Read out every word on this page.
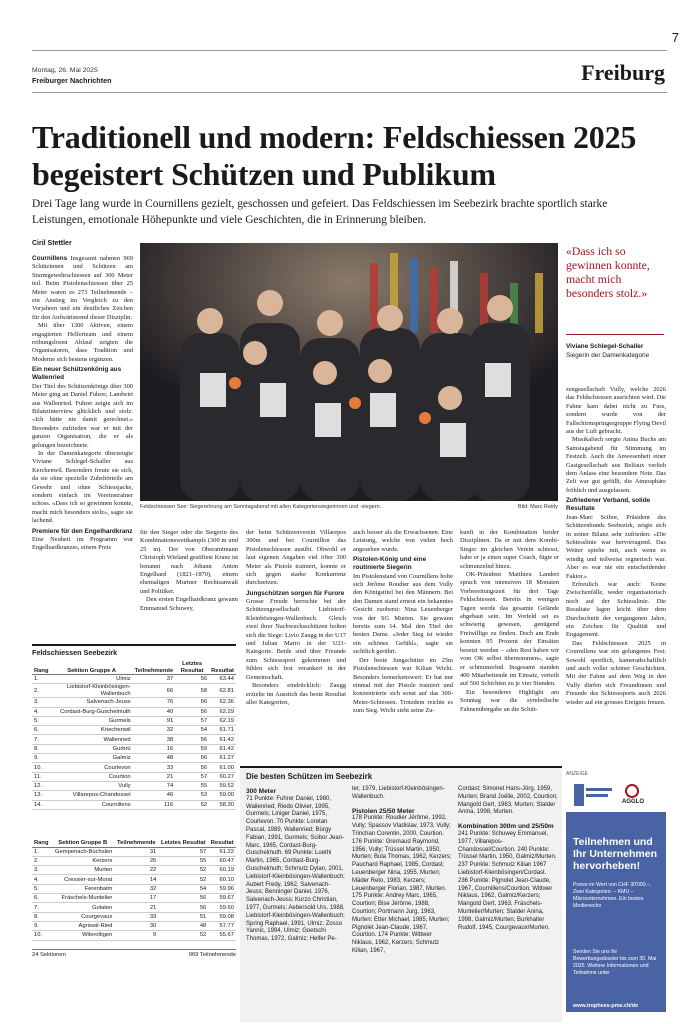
7
Montag, 26. Mai 2025
Freiburger Nachrichten	Freiburg
Traditionell und modern: Feldschiessen 2025 begeistert Schützen und Publikum
Drei Tage lang wurde in Cournillens gezielt, geschossen und gefeiert. Das Feldschiessen im Seebezirk brachte sportlich starke Leistungen, emotionale Höhepunkte und viele Geschichten, die in Erinnerung bleiben.
Ciril Stettler
Feldschiessen See: Siegerehrung am Sonntagabend mit allen Kategoriensiegerinnen und -siegern.	Bild: Marc Reidy
«Dass ich so gewinnen konnte, macht mich besonders stolz.»
Viviane Schlegel-Schaller
Siegerin der Damenkategorie

Cournillens Insgesamt nahmen 969 Schützinnen und Schützen am Sturmgewehrschiessen auf 300 Meter teil. Beim Pistolenschiessen über 25 Meter waren es 273 Teilnehmende – ein Anstieg im Vergleich zu den Vorjahren und ein deutliches Zeichen für den Aufwärtstrend dieser Disziplin.

Mit über 1300 Aktiven, einem engagierten Helferteam und einem reibungslosen Ablauf zeigten die Organisatoren, dass Tradition und Moderne sich bestens ergänzen.

Ein neuer Schützenkönig aus Wallenried

Der Titel des Schützenkönigs über 300 Meter ging an Daniel Fuhrer, Landwirt aus Wallenried. Fuhrer zeigte sich im Bilanzinterview glücklich und stolz: «Ich hätte nie damit gerechnet.» Besonders zufrieden war er mit der ganzen Organisation, die er als gelungen bezeichnete.

In der Damenkategorie überzeugte Viviane Schlegel-Schaller aus Kerchenwil. Besonders freute sie sich, da sie ohne spezielle Zubehörteile am Gewehr und ohne Schiessjacke, sondern einfach im Vereinstrainer schoss. «Dass ich so gewinnen konnte, macht mich besonders stolz», sagte sie lachend.

Premiere für den Engelhardkranz

Eine Neuheit im Programm war Engelhardkranzes, einem Preis

für den Sieger oder die Siegerin des Kombinationswettkampfs (300 m und 25 m). Der von Oberamtmann Christoph Wieland gestiftete Kranz ist benannt nach Johann Anton Engelhard (1821–1870), einem ehemaligen Murtner Rechtsanwalt und Politiker.

Den ersten Engelhardkranz gewann Emmanuel Schuwey,

der beim Schützenverein Villarepos 300m und bei Cournillon das Pistolenschiessen ausübt. Obwohl er laut eigenen Angaben viel öfter 300 Meter als Pistole trainiert, konnte er sich gegen starke Konkurrenz durchsetzen.

Jungschützen sorgen für Furore

Grosse Freude herrschte bei der Schützengesellschaft Liebistorf-Kleinbösingen-Wallenbuch. Gleich zwei ihrer Nachwuchsschützen holten sich die Siege: Livio Zaugg in der U17 und Julian Marro in der U21-Kategorie. Beide sind über Freunde zum Schiesssport gekommen und fühlen sich fest verankert in der Gemeinschaft.

Besonders eindrücklich: Zaugg erzielte im Ausstich das beste Resultat aller Kategorien,

auch besser als die Erwachsenen. Eine Leistung, welche von vielen hoch angesehen wurde.

Pistolen-König und eine routinierte Siegerin

Im Pistolenstand von Cournillens holte sich Jérôme Roudier aus dem Vully den Königstitel bei den Männern. Bei den Damen stand erneut ein bekanntes Gesicht zuoberst: Nina Leuenberger von der SG Murten. Sie gewann bereits zum 14. Mal den Titel der besten Dame. «Jeder Sieg ist wieder ein schönes Gefühl», sagte sie sichtlich gerührt.

Der beste Jungschütze im 25m Pistolenschiessen war Kilian Wicht. Besonders bemerkenswert: Er hat nur einmal mit der Pistole trainiert und konzentrierte sich sonst auf das 300-Meter-Schiessen. Trotzdem reichte es zum Sieg. Wicht sieht seine Zu-

kunft in der Kombination beider Disziplinen. Da er mit dem Kombi-Sieger im gleichen Verein schiesst, habe er ja einen super Coach, fügte er schmunzelnd hinzu.

OK-Präsident Matthieu Landert sprach von intensiven 18 Monaten Vorbereitungszeit für drei Tage Feldschiessen. Bereits in wenigen Tagen werde das gesamte Gelände abgebaut sein. Im Vorfeld sei es schwierig gewesen, genügend Freiwillige zu finden. Doch am Ende konnten 95 Prozent der Einsätze besetzt werden – «den Rest haben wir vom OK selbst übernommen», sagte er schmunzelnd. Insgesamt standen 400 Mitarbeitende im Einsatz, verteilt auf 560 Schichten zu je vier Stunden.

Ein besonderes Highlight am Sonntag war die symbolische Fahnenübergabe an die Schüt-

zengesellschaft Vully, welche 2026 das Feldschiessen ausrichten wird. Die Fahne kam dabei nicht zu Fuss, sondern wurde von der Fallschirmspringergruppe Flying Devil aus der Luft gebracht.

Musikalisch sorgte Anina Buchs am Samstagabend für Stimmung im Festzelt. Auch die Anwesenheit einer Gastgesellschaft aus Belfaux verlieh dem Anlass eine besondere Note. Das Zelt war gut gefüllt, die Atmosphäre fröhlich und ausgelassen.

Zufriedener Verband, solide Resultate

Jean-Marc Scibor, Präsident des Schützenbunds Seebezirk, zeigte sich in seiner Bilanz sehr zufrieden: «Die Schiesslinie war hervorragend. Das Wetter spielte mit, auch wenn es windig und teilweise regnerisch war. Aber es war nie ein entscheidender Faktor.»

Erfreulich war auch: Keine Zwischenfälle, weder organisatorisch noch auf der Schiesslinie. Die Resultate lagen leicht über dem Durchschnitt der vergangenen Jahre, ein Zeichen für Qualität und Engagement.

Das Feldschiessen 2025 in Cournillens war ein gelungenes Fest: Sowohl sportlich, kameradschaftlich und auch voller schöner Geschichten. Mit der Fahne auf dem Weg in den Vully dürfen sich Freundinnen und Freunde des Schiesssports auch 2026 wieder auf ein grosses Ereignis freuen.

Feldschiessen Seebezirk
Rang	Sektion Gruppe A	Teilnehmende	Letztes Resultat	Resultat
1.	Ulmiz	37	56	63.44
2.	Liebistorf-Kleinbösingen-Wallenbuch	66	58	62.81
3.	Salvenach-Jeuss	76	56	62.36
4.	Cordast-Burg-Guschelmuth	40	56	62.29
5.	Gurmels	91	57	62.19
6.	Kriechenwil	32	54	61.71
7.	Wallenried	38	56	61.42
8.	Gurbrü	16	59	61.42
9.	Galmiz	48	56	61.27
10.	Courlevon	33	56	61.00
11.	Courtion	21	57	60.27
12.	Vully	74	55	59.52
13.	Villarepos-Chandossel	46	53	59.00
14.	Cournillens	116	52	58.30
Rang	Sektion Gruppe B	Teilnehmende	Letztes Resultat	Resultat
1.	Gempenach-Büchslen	31	57	61.22
2.	Kerzers	26	55	60.47
3.	Murten	22	52	60.19
4.	Cressier-sur-Morat	14	52	60.10
5.	Ferenbalm	32	54	59.96
6.	Fräschels-Muntelier	17	56	59.67
7.	Golaten	21	56	59.60
8.	Courgevaux	33	51	59.08
9.	Agriswil-Ried	30	48	57.77
10.	Wileroltigen	9	52	55.67
24 Sektionen	969 Teilnehmende
Die besten Schützen im Seebezirk
300 Meter
71 Punkte: Fuhrer Daniel, 1980, Wallenried; Riedo Olivier, 1995, Gurmels; Liniger Daniel, 1975, Courlevon. 70 Punkte: Loretan Pascal, 1989, Wallenried; Bürgy Fabian, 1991, Gurmels; Scibor Jean-Marc, 1965, Cordast-Burg-Guschelmuth. 69 Punkte: Luethi Martin, 1965, Cordast-Burg-Guschelmuth; Schmutz Dylan, 2001, Liebistorf-Kleinbösingen-Wallenbuch; Aubert Fredy, 1962, Salvenach-Jeuss; Benninger Daniel, 1976, Salvenach-Jeuss; Kurzo Christian, 1977, Gurmels; Aebersold Urs, 1988, Liebistorf-Kleinbösingen-Wallenbuch; Spring Raphael, 1991, Ulmiz; Zosso Yannic, 1994, Ulmiz; Goetschi Thomas, 1972, Galmiz; Helfer Pe-
ter, 1979, Liebistorf-Kleinbösingen-Wallenbuch.
Pistolen 25/50 Meter
178 Punkte: Roudier Jérôme, 1992, Vully; Spassov Vladislav, 1973, Vully; Trinchan Corentin, 2000, Courtion. 176 Punkte: Gremaud Raymond, 1956, Vully; Trüssel Martin, 1950, Murten; Bula Thomas, 1962, Kerzers; Pauchard Raphael, 1985, Cordast; Leuenberger Nina, 1955, Murten; Mäder Reto, 1983, Kerzers; Leuenberger Florian, 1987, Murten. 175 Punkte: Andrey Marc, 1965, Courtion; Bise Jérôme, 1988, Courtion; Portmann Jurg, 1963, Murten; Etter Michael, 1985, Murten; Pignolet Jean-Claude, 1967, Courtion. 174 Punkte: Wittwer Niklaus, 1962, Kerzers; Schmutz Kilian, 1967,
Cordast; Simonet Hans-Jörg, 1959, Murten; Brand Joëlle, 2002, Courtion; Mangold Gert, 1963, Murten; Stalder Anina, 1998, Murten.
Kombination 300m und 25/50m
241 Punkte: Schuwey Emmanuel, 1977, Villarepos-Chandossel/Courtion. 240 Punkte: Trüssel Martin, 1950, Galmiz/Murten. 237 Punkte: Schmutz Kilian 1967 Liebistorf-Kleinbösingen/Cordast. 236 Punkte: Pignolet Jean-Claude, 1967, Cournillens/Courtion; Wittwer Niklaus, 1962, Galmiz/Kerzers; Mangold Gert, 1963, Fräschels-Muntelier/Murten; Stalder Anina, 1998, Galmiz/Murten; Burkhalter Rudolf, 1945, Courgevaux/Murten.
ANZEIGE
AGGLO
Teilnehmen und Ihr Unternehmen hervorheben!
Preise im Wert von CHF 30'000.–, Zwei Kategorien: – KMU – Mikrounternehmen. Ein bestes Medienecho
Senden Sie uns Ihr Bewerbungsdossier bis zum 30. Mai 2025. Weitere Informationen und Teilnahme unter
www.trophees-pme.ch/de
